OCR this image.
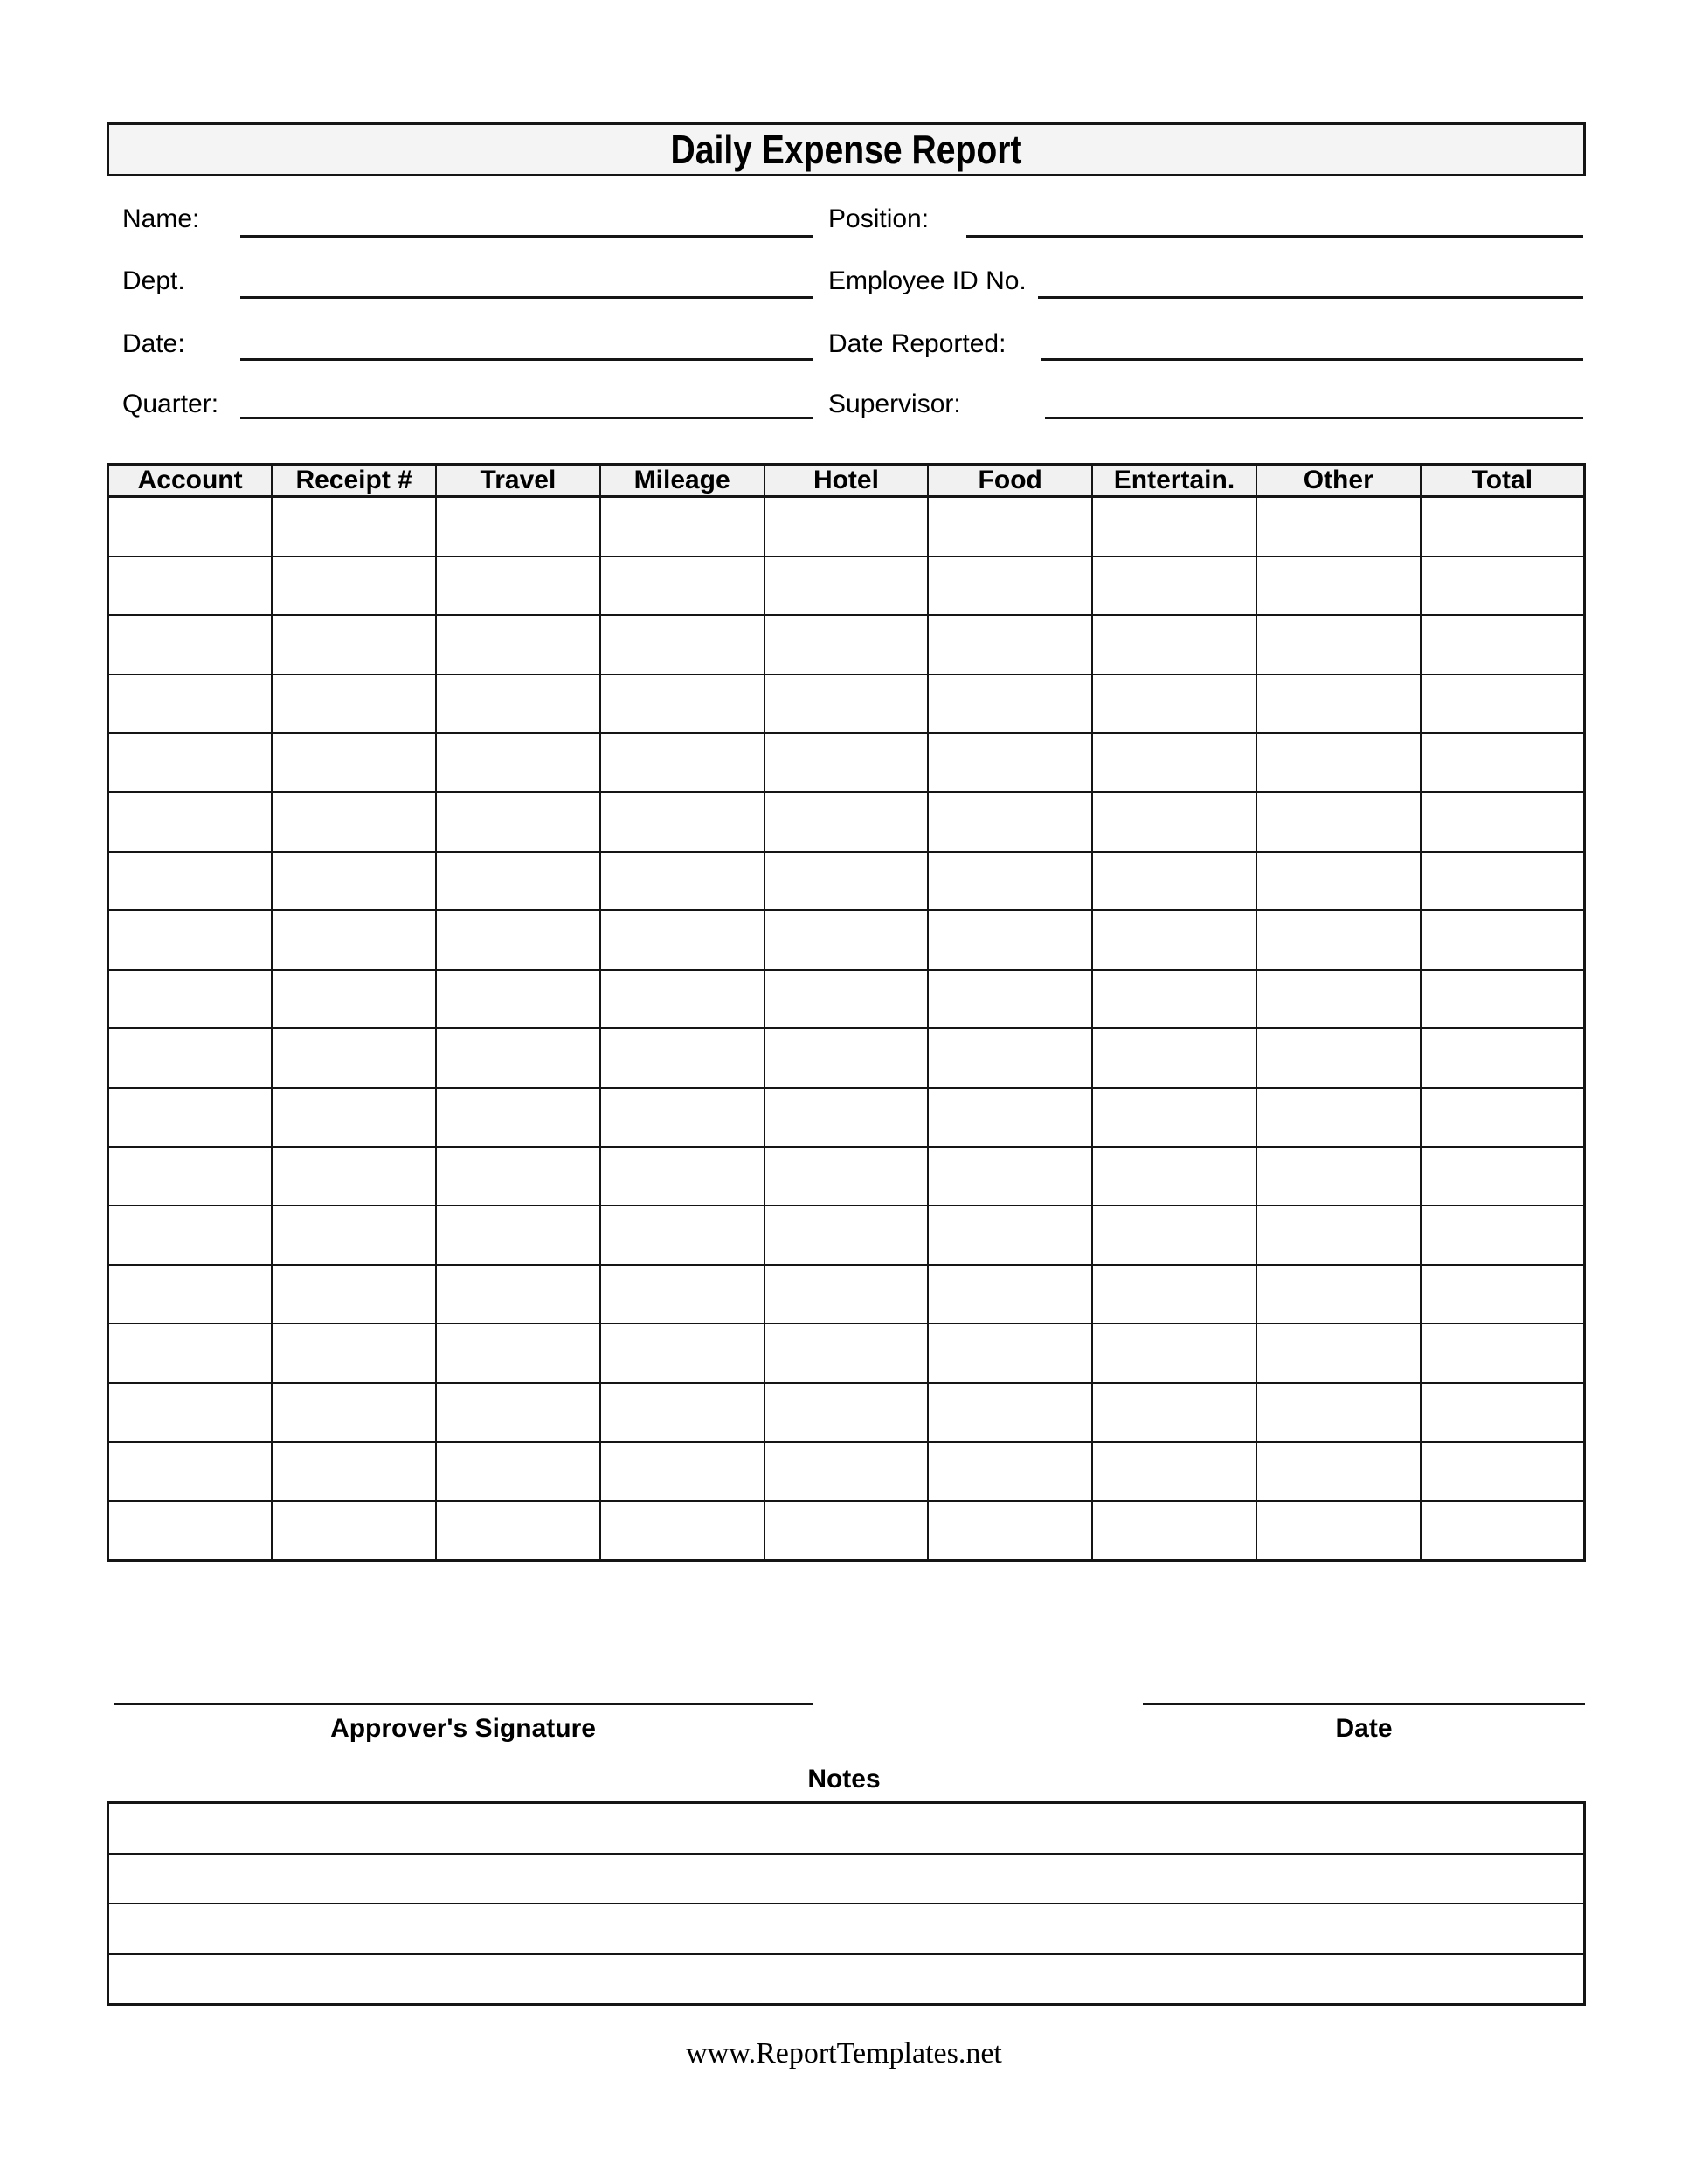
Daily Expense Report
Name:
Dept.
Date:
Quarter:
Position:
Employee ID No.
Date Reported:
Supervisor:
Account	Receipt #	Travel	Mileage	Hotel	Food	Entertain.	Other	Total

Approver's Signature	Date
Notes
www.ReportTemplates.net
